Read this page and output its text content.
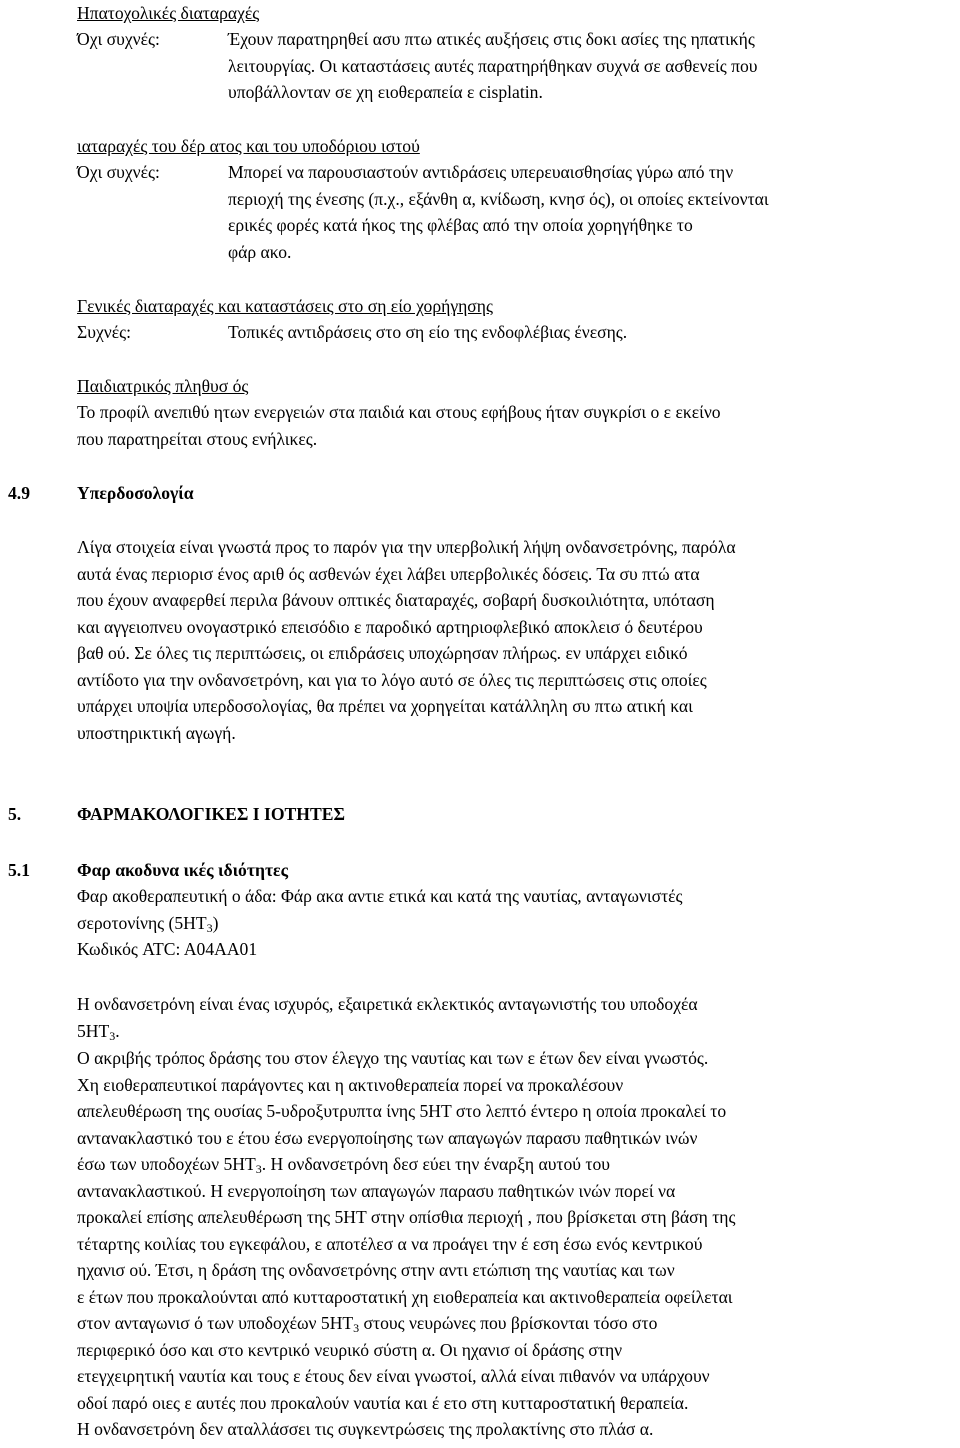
Ηπατοχολικές διαταραχές
Όχι συχνές:	Έχουν παρατηρηθεί ασυ πτω ατικές αυξήσεις στις δοκι ασίες της ηπατικής
λειτουργίας. Οι καταστάσεις αυτές παρατηρήθηκαν συχνά σε ασθενείς που
υποβάλλονταν σε χη ειοθεραπεία ε cisplatin.
ιαταραχές του δέρ ατος και του υποδόριου ιστού
Όχι συχνές:	Μπορεί να παρουσιαστούν αντιδράσεις υπερευαισθησίας γύρω από την
περιοχή της ένεσης (π.χ., εξάνθη α, κνίδωση, κνησ ός), οι οποίες εκτείνονται
ερικές φορές κατά ήκος της φλέβας από την οποία χορηγήθηκε το
φάρ ακο.
Γενικές διαταραχές και καταστάσεις στο ση είο χορήγησης
Συχνές:	Τοπικές αντιδράσεις στο ση είο της ενδοφλέβιας ένεσης.
Παιδιατρικός πληθυσ ός
Το προφίλ ανεπιθύ ητων ενεργειών στα παιδιά και στους εφήβους ήταν συγκρίσι ο ε εκείνο
που παρατηρείται στους ενήλικες.
4.9	Υπερδοσολογία
Λίγα στοιχεία είναι γνωστά προς το παρόν για την υπερβολική λήψη ονδανσετρόνης, παρόλα
αυτά ένας περιορισ ένος αριθ ός ασθενών έχει λάβει υπερβολικές δόσεις. Τα συ πτώ ατα
που έχουν αναφερθεί περιλα βάνουν οπτικές διαταραχές, σοβαρή δυσκοιλιότητα, υπόταση
και αγγειοπνευ ονογαστρικό επεισόδιο ε παροδικό αρτηριοφλεβικό αποκλεισ ό δευτέρου
βαθ ού. Σε όλες τις περιπτώσεις, οι επιδράσεις υποχώρησαν πλήρως. εν υπάρχει ειδικό
αντίδοτο για την ονδανσετρόνη, και για το λόγο αυτό σε όλες τις περιπτώσεις στις οποίες
υπάρχει υποψία υπερδοσολογίας, θα πρέπει να χορηγείται κατάλληλη συ πτω ατική και
υποστηρικτική αγωγή.
5.	ΦΑΡΜΑΚΟΛΟΓΙΚΕΣ Ι ΙΟΤΗΤΕΣ
5.1	Φαρ ακοδυνα ικές ιδιότητες
Φαρ ακοθεραπευτική ο άδα: Φάρ ακα αντιε ετικά και κατά της ναυτίας, ανταγωνιστές
σεροτονίνης $(5HT_3)$
Κωδικός ATC: A04AA01
Η ονδανσετρόνη είναι ένας ισχυρός, εξαιρετικά εκλεκτικός ανταγωνιστής του υποδοχέα
$5HT_3$.
Ο ακριβής τρόπος δράσης του στον έλεγχο της ναυτίας και των ε έτων δεν είναι γνωστός.
Χη ειοθεραπευτικοί παράγοντες και η ακτινοθεραπεία πορεί να προκαλέσουν
απελευθέρωση της ουσίας 5-υδροξυτρυπτα ίνης 5ΗΤ στο λεπτό έντερο η οποία προκαλεί το
αντανακλαστικό του ε έτου έσω ενεργοποίησης των απαγωγών παρασυ παθητικών ινών
έσω των υποδοχέων $5HT_3$. Η ονδανσετρόνη δεσ εύει την έναρξη αυτού του
αντανακλαστικού. Η ενεργοποίηση των απαγωγών παρασυ παθητικών ινών πορεί να
προκαλεί επίσης απελευθέρωση της 5ΗΤ στην οπίσθια περιοχή , που βρίσκεται στη βάση της
τέταρτης κοιλίας του εγκεφάλου, ε αποτέλεσ α να προάγει την έ εση έσω ενός κεντρικού
ηχανισ ού. Έτσι, η δράση της ονδανσετρόνης στην αντι ετώπιση της ναυτίας και των
ε έτων που προκαλούνται από κυτταροστατική χη ειοθεραπεία και ακτινοθεραπεία οφείλεται
στον ανταγωνισ ό των υποδοχέων $5HT_3$ στους νευρώνες που βρίσκονται τόσο στο
περιφερικό όσο και στο κεντρικό νευρικό σύστη α. Οι ηχανισ οί δράσης στην
ετεγχειρητική ναυτία και τους ε έτους δεν είναι γνωστοί, αλλά είναι πιθανόν να υπάρχουν
οδοί παρό οιες ε αυτές που προκαλούν ναυτία και έ ετο στη κυτταροστατική θεραπεία.
Η ονδανσετρόνη δεν αταλλάσσει τις συγκεντρώσεις της προλακτίνης στο πλάσ α.
